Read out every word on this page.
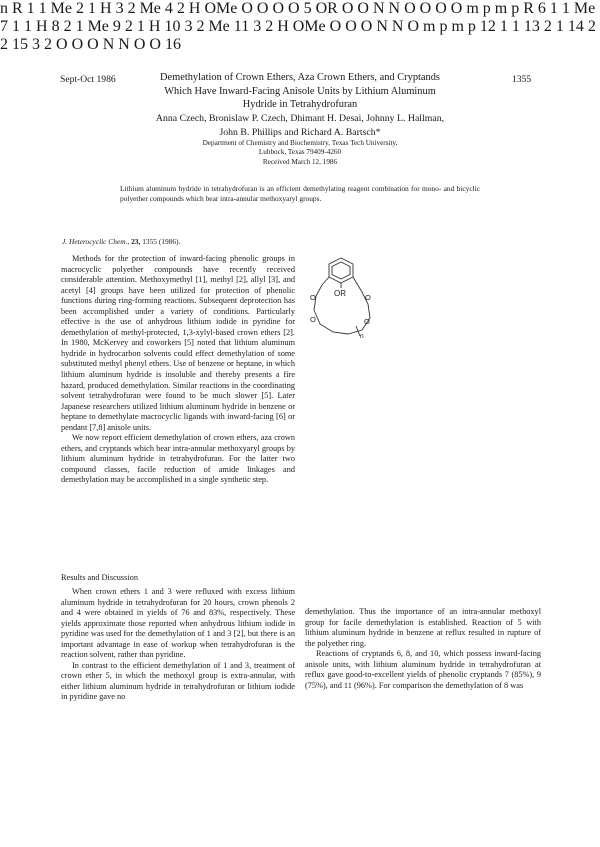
Sept-Oct 1986	1355
Demethylation of Crown Ethers, Aza Crown Ethers, and Cryptands
Which Have Inward-Facing Anisole Units by Lithium Aluminum
Hydride in Tetrahydrofuran
Anna Czech, Bronislaw P. Czech, Dhimant H. Desai, Johnny L. Hallman,
John B. Phillips and Richard A. Bartsch*
Department of Chemistry and Biochemistry, Texas Tech University,
Lubbock, Texas 79409-4260
Received March 12, 1986
Lithium aluminum hydride in tetrahydrofuran is an efficient demethylating reagent combination for mono- and bicyclic polyether compounds which bear intra-annular methoxyaryl groups.
J. Heterocyclic Chem., 23, 1355 (1986).

Methods for the protection of inward-facing phenolic groups in macrocyclic polyether compounds have recently received considerable attention. Methoxymethyl [1], methyl [2], allyl [3], and acetyl [4] groups have been utilized for protection of phenolic functions during ring-forming reactions. Subsequent deprotection has been accomplished under a variety of conditions. Particularly effective is the use of anhydrous lithium iodide in pyridine for demethylation of methyl-protected, 1,3-xylyl-based crown ethers [2]. In 1980, McKervey and coworkers [5] noted that lithium aluminum hydride in hydrocarbon solvents could effect demethylation of some substituted methyl phenyl ethers. Use of benzene or heptane, in which lithium aluminum hydride is insoluble and thereby presents a fire hazard, produced demethylation. Similar reactions in the coordinating solvent tetrahydrofuran were found to be much slower [5]. Later Japanese researchers utilized lithium aluminum hydride in benzene or heptane to demethylate macrocyclic ligands with inward-facing [6] or pendant [7,8] anisole units.

We now report efficient demethylation of crown ethers, aza crown ethers, and cryptands which bear intra-annular methoxyaryl groups by lithium aluminum hydride in tetrahydrofuran. For the latter two compound classes, facile reduction of amide linkages and demethylation may be accomplished in a single synthetic step.

Results and Discussion

When crown ethers 1 and 3 were refluxed with excess lithium aluminum hydride in tetrahydrofuran for 20 hours, crown phenols 2 and 4 were obtained in yields of 76 and 83%, respectively. These yields approximate those reported when anhydrous lithium iodide in pyridine was used for the demethylation of 1 and 3 [2], but there is an important advantage in ease of workup when tetrahydrofuran is the reaction solvent, rather than pyridine.

In contrast to the efficient demethylation of 1 and 3, treatment of crown ether 5, in which the methoxyl group is extra-annular, with either lithium aluminum hydride in tetrahydrofuran or lithium iodide in pyridine gave no

demethylation. Thus the importance of an intra-annular methoxyl group for facile demethylation is established. Reaction of 5 with lithium aluminum hydride in benzene at reflux resulted in rupture of the polyether ring.

Reactions of cryptands 6, 8, and 10, which possess inward-facing anisole units, with lithium aluminum hydride in tetrahydrofuran at reflux gave good-to-excellent yields of phenolic cryptands 7 (85%), 9 (75%), and 11 (96%). For comparison the demethylation of 8 was

OR
O	O
O	O
n
n R 1 1 Me 2 1 H 3 2 Me 4 2 H OMe O O O O 5 OR O O N N O O O O m p m p R 6 1 1 Me 7 1 1 H 8 2 1 Me 9 2 1 H 10 3 2 Me 11 3 2 H OMe O O O N N O m p m p 12 1 1 13 2 1 14 2 2 15 3 2 O O O N N O O 16
